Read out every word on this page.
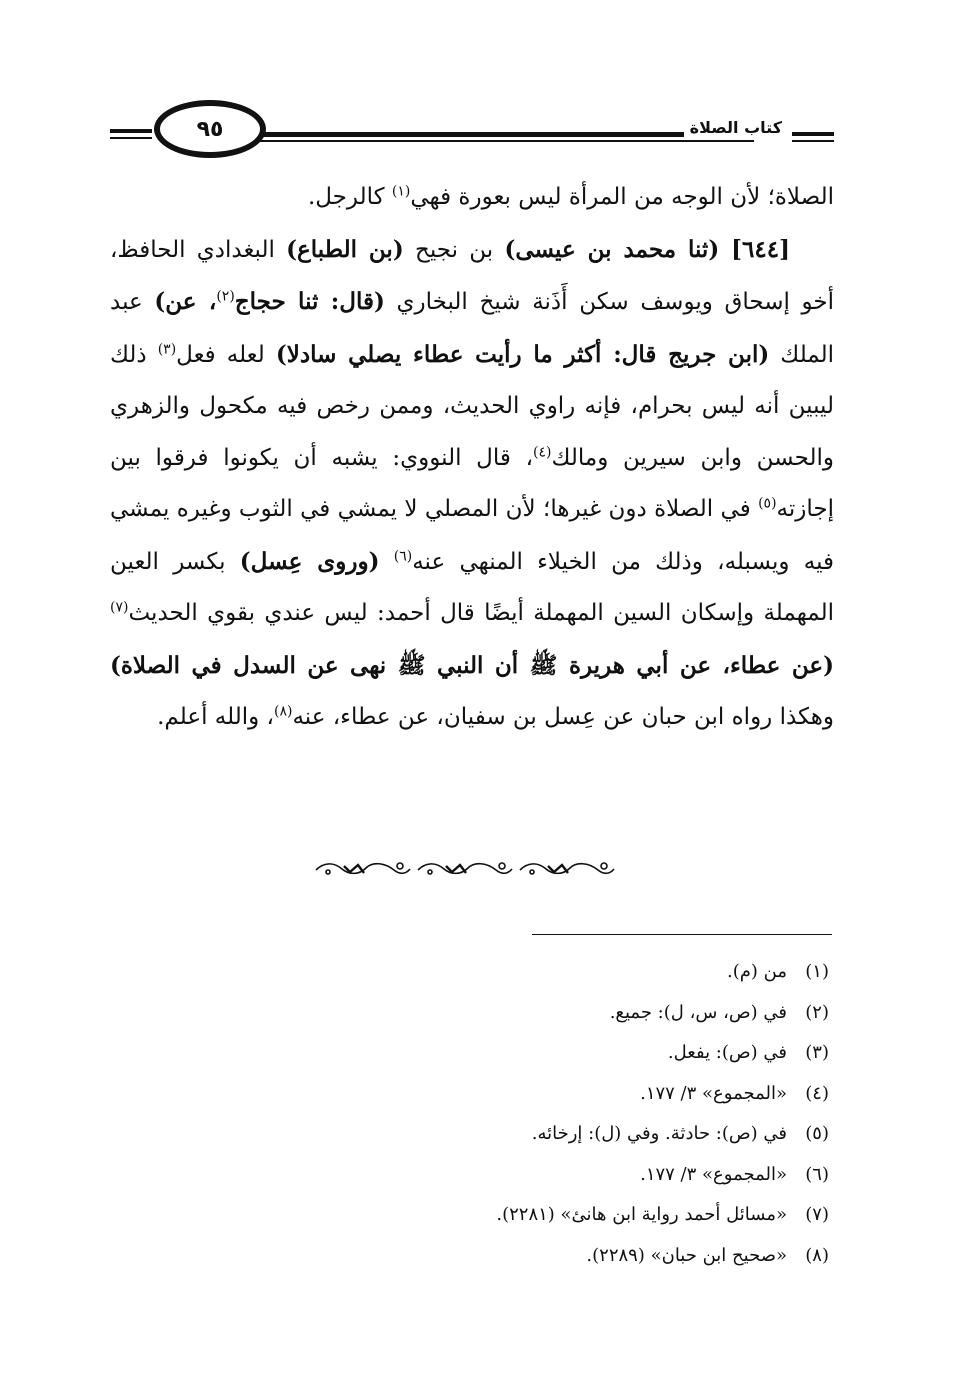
٩٥	كتاب الصلاة

الصلاة؛ لأن الوجه من المرأة ليس بعورة فهي$^{(١)}$ كالرجل.

[٦٤٤] (ثنا محمد بن عيسى) بن نجيح (بن الطباع) البغدادي الحافظ، أخو إسحاق ويوسف سكن أَذَنة شيخ البخاري (قال: ثنا حجاج$^{(٢)}$، عن) عبد الملك (ابن جريج قال: أكثر ما رأيت عطاء يصلي سادلا) لعله فعل$^{(٣)}$ ذلك ليبين أنه ليس بحرام، فإنه راوي الحديث، وممن رخص فيه مكحول والزهري والحسن وابن سيرين ومالك$^{(٤)}$، قال النووي: يشبه أن يكونوا فرقوا بين إجازته$^{(٥)}$ في الصلاة دون غيرها؛ لأن المصلي لا يمشي في الثوب وغيره يمشي فيه ويسبله، وذلك من الخيلاء المنهي عنه$^{(٦)}$ (وروى عِسل) بكسر العين المهملة وإسكان السين المهملة أيضًا قال أحمد: ليس عندي بقوي الحديث$^{(٧)}$ (عن عطاء، عن أبي هريرة ﷺ أن النبي ﷺ نهى عن السدل في الصلاة) وهكذا رواه ابن حبان عن عِسل بن سفيان، عن عطاء، عنه$^{(٨)}$، والله أعلم.

(١)
من (م).
(٢)
في (ص، س، ل): جميع.
(٣)
في (ص): يفعل.
(٤)
«المجموع» ٣/ ١٧٧.
(٥)
في (ص): حادثة. وفي (ل): إرخائه.
(٦)
«المجموع» ٣/ ١٧٧.
(٧)
«مسائل أحمد رواية ابن هانئ» (٢٢٨١).
(٨)
«صحيح ابن حبان» (٢٢٨٩).
